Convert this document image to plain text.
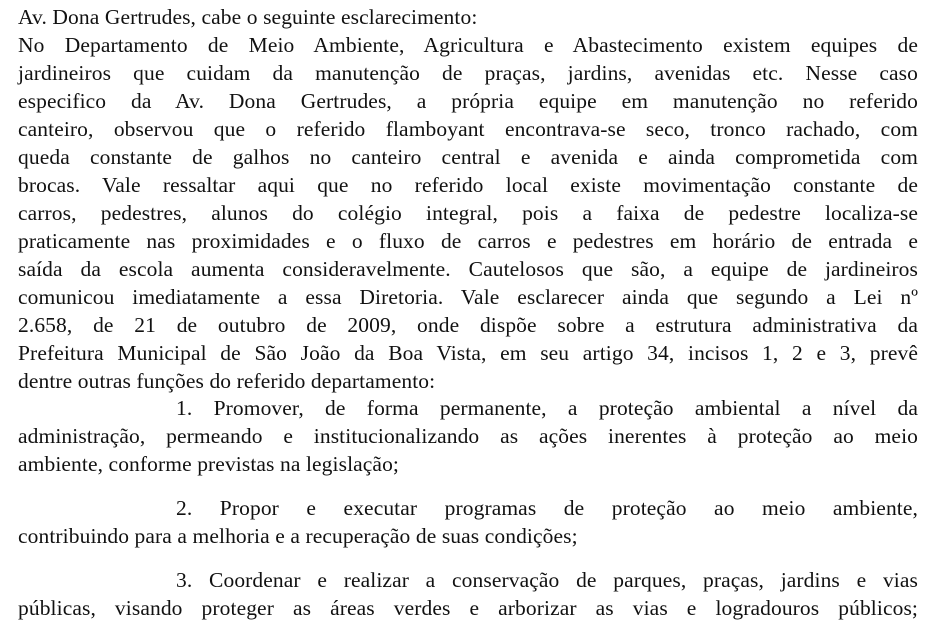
Av. Dona Gertrudes, cabe o seguinte esclarecimento:
No Departamento de Meio Ambiente, Agricultura e Abastecimento existem equipes de
jardineiros que cuidam da manutenção de praças, jardins, avenidas etc. Nesse caso
especifico da Av. Dona Gertrudes, a própria equipe em manutenção no referido
canteiro, observou que o referido flamboyant encontrava-se seco, tronco rachado, com
queda constante de galhos no canteiro central e avenida e ainda comprometida com
brocas. Vale ressaltar aqui que no referido local existe movimentação constante de
carros, pedestres, alunos do colégio integral, pois a faixa de pedestre localiza-se
praticamente nas proximidades e o fluxo de carros e pedestres em horário de entrada e
saída da escola aumenta consideravelmente. Cautelosos que são, a equipe de jardineiros
comunicou imediatamente a essa Diretoria. Vale esclarecer ainda que segundo a Lei nº
2.658, de 21 de outubro de 2009, onde dispõe sobre a estrutura administrativa da
Prefeitura Municipal de São João da Boa Vista, em seu artigo 34, incisos 1, 2 e 3, prevê
dentre outras funções do referido departamento:
1. Promover, de forma permanente, a proteção ambiental a nível da
administração, permeando e institucionalizando as ações inerentes à proteção ao meio
ambiente, conforme previstas na legislação;
2. Propor e executar programas de proteção ao meio ambiente,
contribuindo para a melhoria e a recuperação de suas condições;
3. Coordenar e realizar a conservação de parques, praças, jardins e vias
públicas, visando proteger as áreas verdes e arborizar as vias e logradouros públicos;
